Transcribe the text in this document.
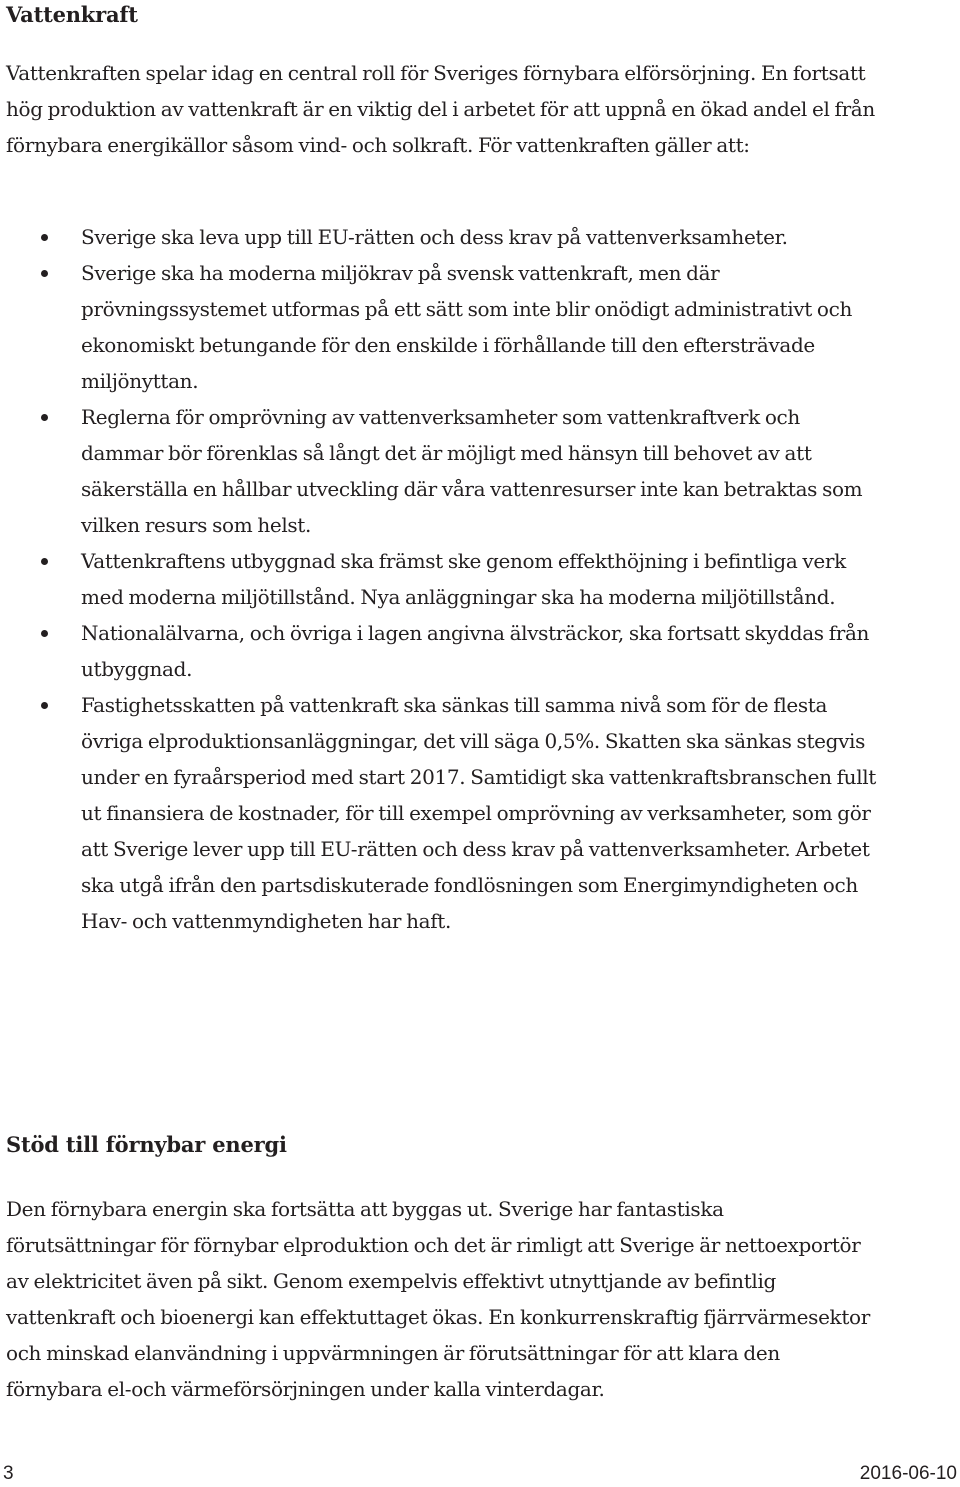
Vattenkraft

Vattenkraften spelar idag en central roll för Sveriges förnybara elförsörjning. En fortsatt hög produktion av vattenkraft är en viktig del i arbetet för att uppnå en ökad andel el från förnybara energikällor såsom vind- och solkraft. För vattenkraften gäller att:

Sverige ska leva upp till EU-rätten och dess krav på vattenverksamheter.
Sverige ska ha moderna miljökrav på svensk vattenkraft, men där prövningssystemet utformas på ett sätt som inte blir onödigt administrativt och ekonomiskt betungande för den enskilde i förhållande till den eftersträvade miljönyttan.
Reglerna för omprövning av vattenverksamheter som vattenkraftverk och dammar bör förenklas så långt det är möjligt med hänsyn till behovet av att säkerställa en hållbar utveckling där våra vattenresurser inte kan betraktas som vilken resurs som helst.
Vattenkraftens utbyggnad ska främst ske genom effekthöjning i befintliga verk med moderna miljötillstånd. Nya anläggningar ska ha moderna miljötillstånd.
Nationalälvarna, och övriga i lagen angivna älvsträckor, ska fortsatt skyddas från utbyggnad.
Fastighetsskatten på vattenkraft ska sänkas till samma nivå som för de flesta övriga elproduktionsanläggningar, det vill säga 0,5%. Skatten ska sänkas stegvis under en fyraårsperiod med start 2017. Samtidigt ska vattenkraftsbranschen fullt ut finansiera de kostnader, för till exempel omprövning av verksamheter, som gör att Sverige lever upp till EU-rätten och dess krav på vattenverksamheter. Arbetet ska utgå ifrån den partsdiskuterade fondlösningen som Energimyndigheten och Hav- och vattenmyndigheten har haft.
Stöd till förnybar energi

Den förnybara energin ska fortsätta att byggas ut. Sverige har fantastiska förutsättningar för förnybar elproduktion och det är rimligt att Sverige är nettoexportör av elektricitet även på sikt. Genom exempelvis effektivt utnyttjande av befintlig vattenkraft och bioenergi kan effektuttaget ökas. En konkurrenskraftig fjärrvärmesektor och minskad elanvändning i uppvärmningen är förutsättningar för att klara den förnybara el-och värmeförsörjningen under kalla vinterdagar.

3	2016-06-10
